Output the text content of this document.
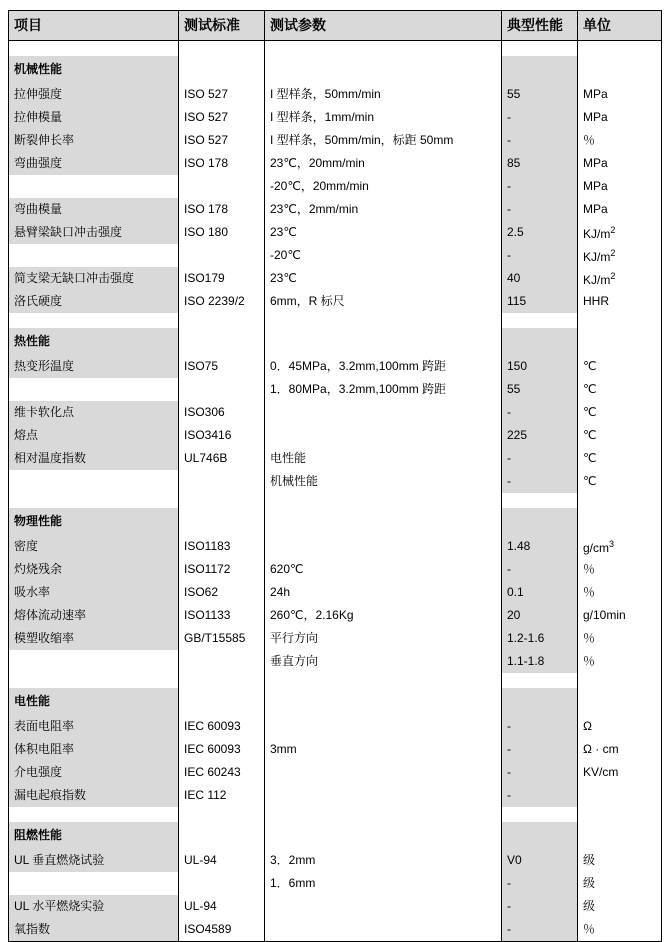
项目	测试标准	测试参数	典型性能	单位

机械性能				
拉伸强度	ISO 527	I 型样条，50mm/min	55	MPa
拉伸模量	ISO 527	I 型样条，1mm/min	-	MPa
断裂伸长率	ISO 527	I 型样条，50mm/min，标距 50mm	-	％
弯曲强度	ISO 178	23℃，20mm/min	85	MPa
		-20℃，20mm/min	-	MPa
弯曲模量	ISO 178	23℃，2mm/min	-	MPa
悬臂梁缺口冲击强度	ISO 180	23℃	2.5	$KJ/m^2$
		-20℃	-	$KJ/m^2$
简支梁无缺口冲击强度	ISO179	23℃	40	$KJ/m^2$
洛氏硬度	ISO 2239/2	6mm，R 标尺	115	HHR

热性能				
热变形温度	ISO75	0．45MPa，3.2mm,100mm 跨距	150	℃
		1．80MPa，3.2mm,100mm 跨距	55	℃
维卡软化点	ISO306		-	℃
熔点	ISO3416		225	℃
相对温度指数	UL746B	电性能	-	℃
		机械性能	-	℃

物理性能				
密度	ISO1183		1.48	$g/cm^3$
灼烧残余	ISO1172	620℃	-	％
吸水率	ISO62	24h	0.1	％
熔体流动速率	ISO1133	260℃，2.16Kg	20	g/10min
模塑收缩率	GB/T15585	平行方向	1.2-1.6	％
		垂直方向	1.1-1.8	％

电性能				
表面电阻率	IEC 60093		-	Ω
体积电阻率	IEC 60093	3mm	-	Ω · cm
介电强度	IEC 60243		-	KV/cm
漏电起痕指数	IEC 112		-	

阻燃性能				
UL 垂直燃烧试验	UL-94	3．2mm	V0	级
		1．6mm	-	级
UL 水平燃烧实验	UL-94		-	级
氧指数	ISO4589		-	％
